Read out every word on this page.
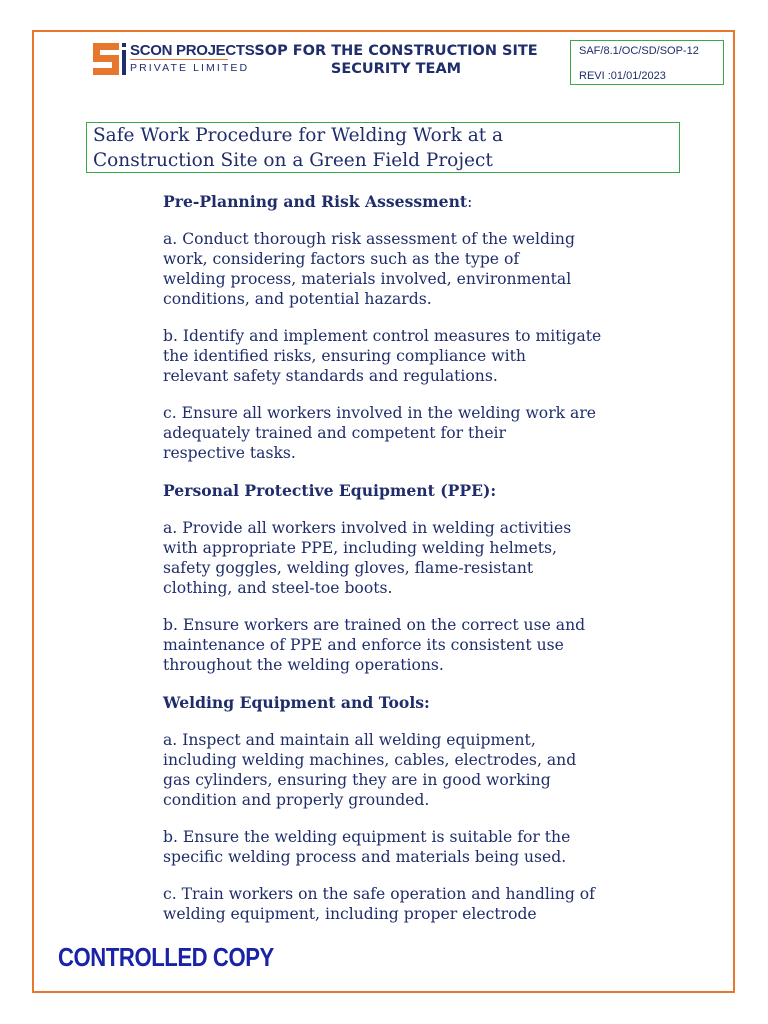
SCON PROJECTS
PRIVATE LIMITED
SOP FOR THE CONSTRUCTION SITE
SECURITY TEAM
SAF/8.1/OC/SD/SOP-12
REVI :01/01/2023
Safe Work Procedure for Welding Work at a
Construction Site on a Green Field Project

Pre-Planning and Risk Assessment:

a. Conduct thorough risk assessment of the welding
work, considering factors such as the type of
welding process, materials involved, environmental
conditions, and potential hazards.
b. Identify and implement control measures to mitigate
the identified risks, ensuring compliance with
relevant safety standards and regulations.
c. Ensure all workers involved in the welding work are
adequately trained and competent for their
respective tasks.

Personal Protective Equipment (PPE):

a. Provide all workers involved in welding activities
with appropriate PPE, including welding helmets,
safety goggles, welding gloves, flame-resistant
clothing, and steel-toe boots.
b. Ensure workers are trained on the correct use and
maintenance of PPE and enforce its consistent use
throughout the welding operations.

Welding Equipment and Tools:

a. Inspect and maintain all welding equipment,
including welding machines, cables, electrodes, and
gas cylinders, ensuring they are in good working
condition and properly grounded.
b. Ensure the welding equipment is suitable for the
specific welding process and materials being used.
c. Train workers on the safe operation and handling of
welding equipment, including proper electrode
CONTROLLED COPY
